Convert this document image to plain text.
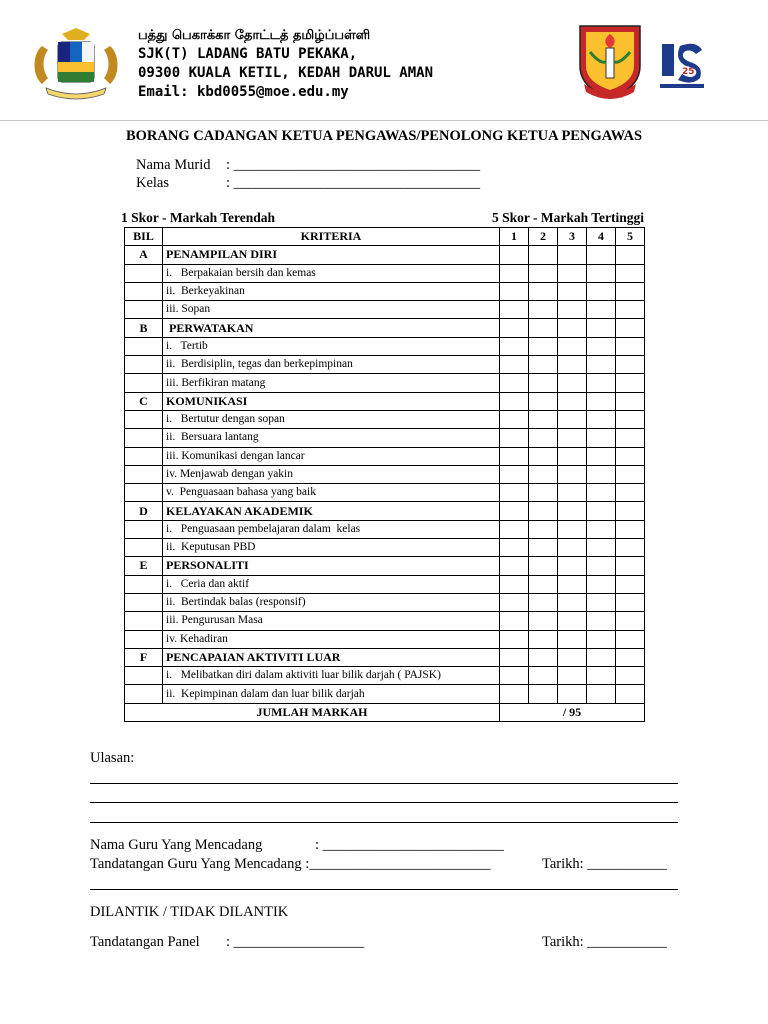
பத்து பெகாக்கா தோட்டத் தமிழ்ப்பள்ளி
SJK(T) LADANG BATU PEKAKA,
09300 KUALA KETIL, KEDAH DARUL AMAN
Email: kbd0055@moe.edu.my
25
BORANG CADANGAN KETUA PENGAWAS/PENOLONG KETUA PENGAWAS
Nama Murid : __________________________________
Kelas	: __________________________________
1 Skor - Markah Terendah	5 Skor - Markah Tertinggi
BIL	KRITERIA	1	2	3	4	5
A	PENAMPILAN DIRI					
	i.   Berpakaian bersih dan kemas					
	ii.  Berkeyakinan					
	iii. Sopan					
B	PERWATAKAN					
	i.   Tertib					
	ii.  Berdisiplin, tegas dan berkepimpinan					
	iii. Berfikiran matang					
C	KOMUNIKASI					
	i.   Bertutur dengan sopan					
	ii.  Bersuara lantang					
	iii. Komunikasi dengan lancar					
	iv. Menjawab dengan yakin					
	v.  Penguasaan bahasa yang baik					
D	KELAYAKAN AKADEMIK					
	i.   Penguasaan pembelajaran dalam  kelas					
	ii.  Keputusan PBD					
E	PERSONALITI					
	i.   Ceria dan aktif					
	ii.  Bertindak balas (responsif)					
	iii. Pengurusan Masa					
	iv. Kehadiran					
F	PENCAPAIAN AKTIVITI LUAR					
	i.   Melibatkan diri dalam aktiviti luar bilik darjah ( PAJSK)					
	ii.  Kepimpinan dalam dan luar bilik darjah					
JUMLAH MARKAH		/ 95				
Ulasan:
Nama Guru Yang Mencadang	: _________________________
Tandatangan Guru Yang Mencadang :_________________________	Tarikh: ___________
DILANTIK / TIDAK DILANTIK
Tandatangan Panel : __________________	Tarikh: ___________
